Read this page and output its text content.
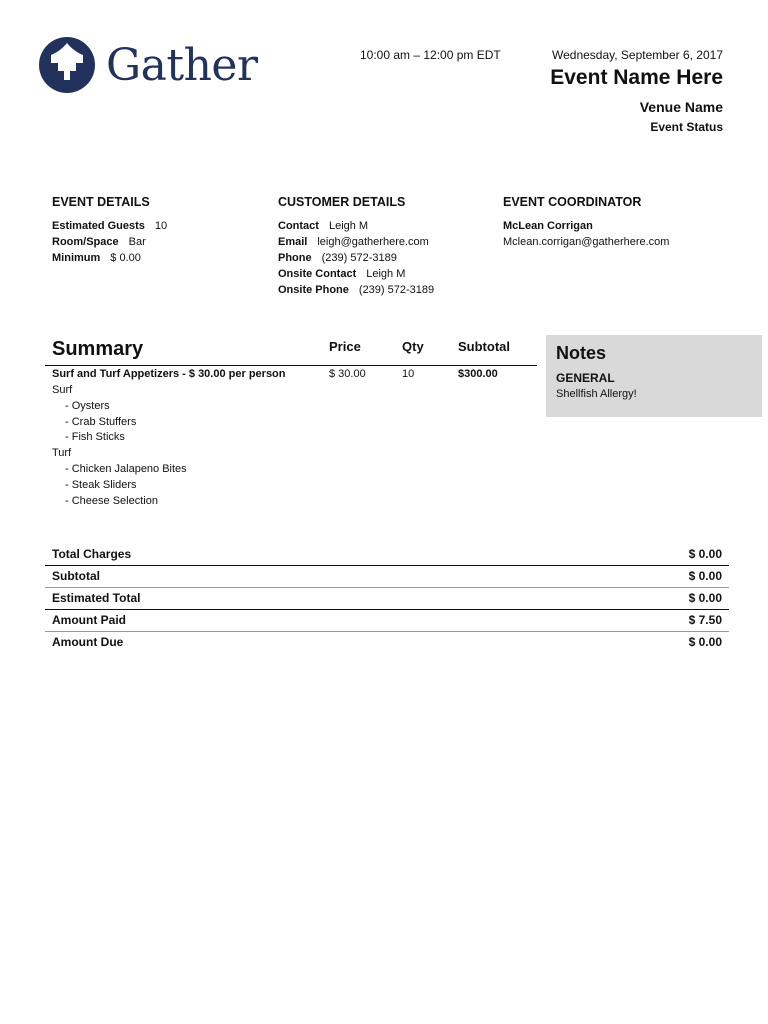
Gather	10:00 am – 12:00 pm EDT	Wednesday, September 6, 2017
Event Name Here
Venue Name
Event Status
EVENT DETAILS
Estimated Guests 10
Room/Space Bar
Minimum $ 0.00
CUSTOMER DETAILS
Contact Leigh M
Email leigh@gatherhere.com
Phone (239) 572-3189
Onsite Contact Leigh M
Onsite Phone (239) 572-3189
EVENT COORDINATOR
McLean Corrigan
Mclean.corrigan@gatherhere.com
Summary	Price	Qty	Subtotal
Surf and Turf Appetizers - $ 30.00 per person	$ 30.00	10	$300.00
Surf
- Oysters
- Crab Stuffers
- Fish Sticks
Turf
- Chicken Jalapeno Bites
- Steak Sliders
- Cheese Selection
Notes
GENERAL
Shellfish Allergy!
Total Charges	$ 0.00
Subtotal	$ 0.00
Estimated Total	$ 0.00
Amount Paid	$ 7.50
Amount Due	$ 0.00
